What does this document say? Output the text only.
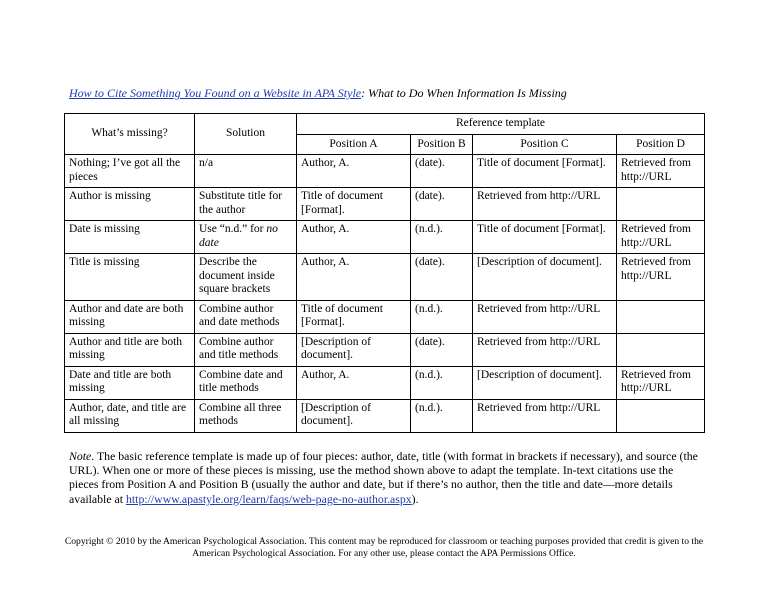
How to Cite Something You Found on a Website in APA Style: What to Do When Information Is Missing
What’s missing?	Solution	Reference template			
		Position A	Position B	Position C	Position D
Nothing; I’ve got all the pieces	n/a	Author, A.	(date).	Title of document [Format].	Retrieved from http://URL
Author is missing	Substitute title for the author	Title of document [Format].	(date).	Retrieved from http://URL	
Date is missing	Use “n.d.” for no date	Author, A.	(n.d.).	Title of document [Format].	Retrieved from http://URL
Title is missing	Describe the document inside square brackets	Author, A.	(date).	[Description of document].	Retrieved from http://URL
Author and date are both missing	Combine author and date methods	Title of document [Format].	(n.d.).	Retrieved from http://URL	
Author and title are both missing	Combine author and title methods	[Description of document].	(date).	Retrieved from http://URL	
Date and title are both missing	Combine date and title methods	Author, A.	(n.d.).	[Description of document].	Retrieved from http://URL
Author, date, and title are all missing	Combine all three methods	[Description of document].	(n.d.).	Retrieved from http://URL	
Note. The basic reference template is made up of four pieces: author, date, title (with format in brackets if necessary), and source (the URL). When one or more of these pieces is missing, use the method shown above to adapt the template. In-text citations use the pieces from Position A and Position B (usually the author and date, but if there’s no author, then the title and date—more details available at http://www.apastyle.org/learn/faqs/web-page-no-author.aspx).
Copyright © 2010 by the American Psychological Association. This content may be reproduced for classroom or teaching purposes provided that credit is given to the American Psychological Association. For any other use, please contact the APA Permissions Office.
